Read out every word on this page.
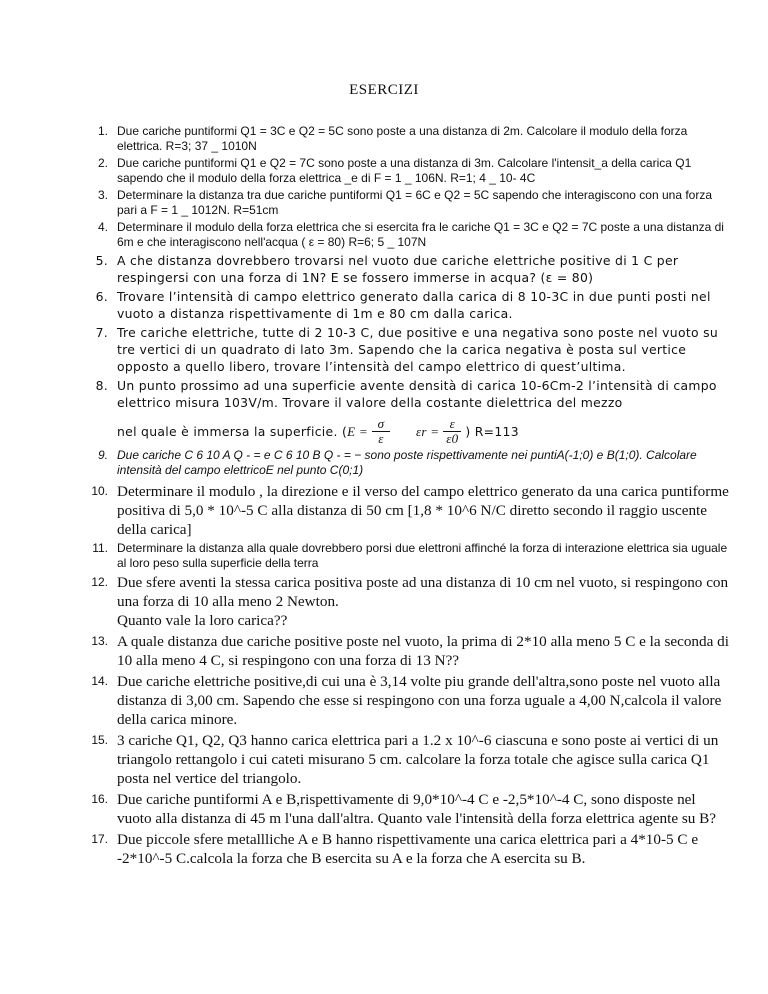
ESERCIZI
1. Due cariche puntiformi Q1 = 3C e Q2 = 5C sono poste a una distanza di 2m. Calcolare il modulo della forza elettrica. R=3; 37 _ 1010N
2. Due cariche puntiformi Q1 e Q2 = 7C sono poste a una distanza di 3m. Calcolare l'intensit_a della carica Q1 sapendo che il modulo della forza elettrica _e di F = 1 _ 106N. R=1; 4 _ 10- 4C
3. Determinare la distanza tra due cariche puntiformi Q1 = 6C e Q2 = 5C sapendo che interagiscono con una forza pari a F = 1 _ 1012N. R=51cm
4. Determinare il modulo della forza elettrica che si esercita fra le cariche Q1 = 3C e Q2 = 7C poste a una distanza di 6m e che interagiscono nell'acqua ( ε = 80) R=6; 5 _ 107N
5. A che distanza dovrebbero trovarsi nel vuoto due cariche elettriche positive di 1 C per respingersi con una forza di 1N? E se fossero immerse in acqua? (ε = 80)
6. Trovare l’intensità di campo elettrico generato dalla carica di 8 10-3C in due punti posti nel vuoto a distanza rispettivamente di 1m e 80 cm dalla carica.
7. Tre cariche elettriche, tutte di 2 10-3 C, due positive e una negativa sono poste nel vuoto su tre vertici di un quadrato di lato 3m. Sapendo che la carica negativa è posta sul vertice opposto a quello libero, trovare l’intensità del campo elettrico di quest’ultima.
8. Un punto prossimo ad una superficie avente densità di carica 10-6Cm-2 l’intensità di campo elettrico misura 103V/m. Trovare il valore della costante dielettrica del mezzo
nel quale è immersa la superficie. ( $E = \frac{\sigma}{\varepsilon}$ $\varepsilon r = \frac{\varepsilon}{\varepsilon 0}$ ) R=113
9. Due cariche C 6 10 A Q - = e C 6 10 B Q - = − sono poste rispettivamente nei puntiA(-1;0) e B(1;0). Calcolare intensità del campo elettricoE nel punto C(0;1)
10. Determinare il modulo , la direzione e il verso del campo elettrico generato da una carica puntiforme positiva di 5,0 * 10^-5 C alla distanza di 50 cm [1,8 * 10^6 N/C diretto secondo il raggio uscente della carica]
11. Determinare la distanza alla quale dovrebbero porsi due elettroni affinché la forza di interazione elettrica sia uguale al loro peso sulla superficie della terra
12. Due sfere aventi la stessa carica positiva poste ad una distanza di 10 cm nel vuoto, si respingono con una forza di 10 alla meno 2 Newton.
Quanto vale la loro carica??
13. A quale distanza due cariche positive poste nel vuoto, la prima di 2*10 alla meno 5 C e la seconda di 10 alla meno 4 C, si respingono con una forza di 13 N??
14. Due cariche elettriche positive,di cui una è 3,14 volte piu grande dell'altra,sono poste nel vuoto alla distanza di 3,00 cm. Sapendo che esse si respingono con una forza uguale a 4,00 N,calcola il valore della carica minore.
15. 3 cariche Q1, Q2, Q3 hanno carica elettrica pari a 1.2 x 10^-6 ciascuna e sono poste ai vertici di un triangolo rettangolo i cui cateti misurano 5 cm. calcolare la forza totale che agisce sulla carica Q1 posta nel vertice del triangolo.
16. Due cariche puntiformi A e B,rispettivamente di 9,0*10^-4 C e -2,5*10^-4 C, sono disposte nel vuoto alla distanza di 45 m l'una dall'altra. Quanto vale l'intensità della forza elettrica agente su B?
17. Due piccole sfere metallliche A e B hanno rispettivamente una carica elettrica pari a 4*10-5 C e -2*10^-5 C.calcola la forza che B esercita su A e la forza che A esercita su B.
